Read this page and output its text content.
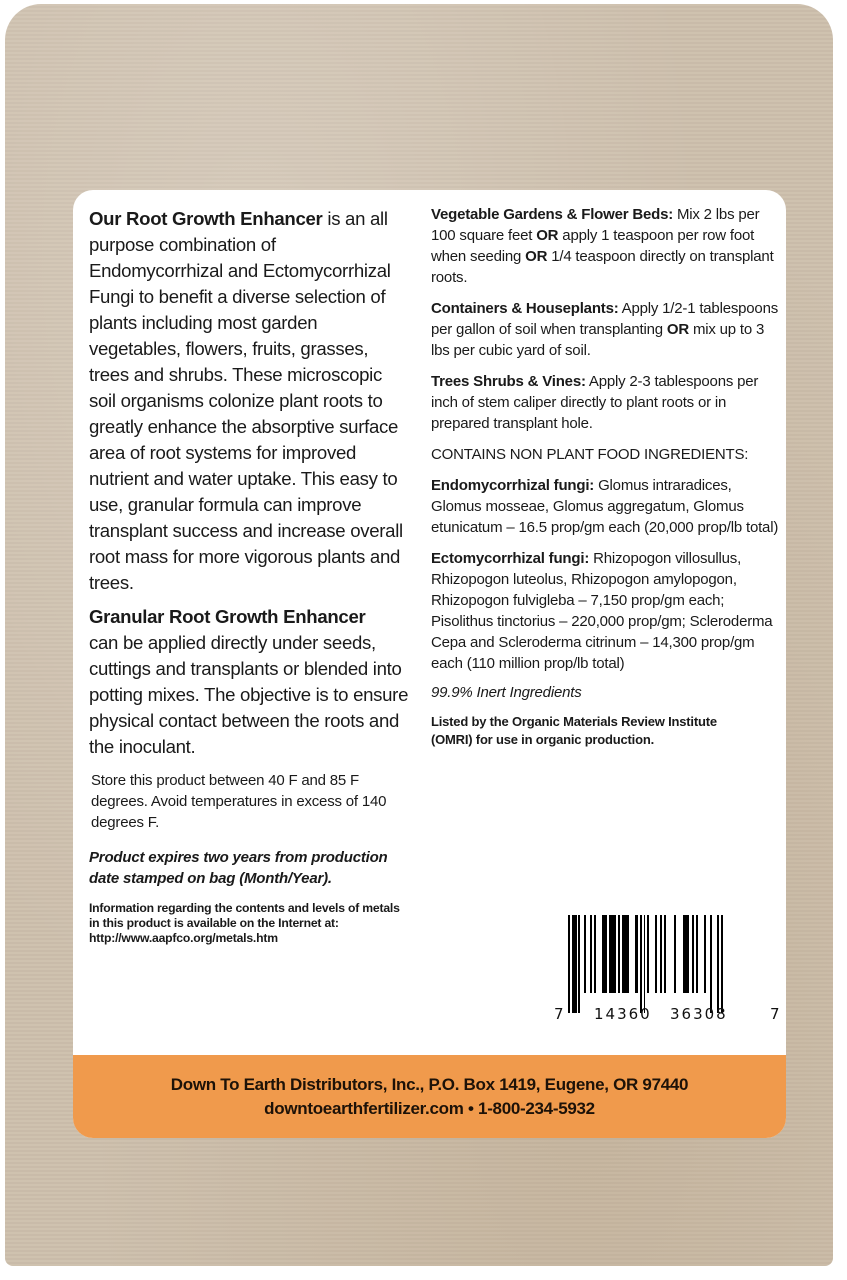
Our Root Growth Enhancer is an all purpose combination of Endomycorrhizal and Ectomycorrhizal Fungi to benefit a diverse selection of plants including most garden vegetables, flowers, fruits, grasses, trees and shrubs. These microscopic soil organisms colonize plant roots to greatly enhance the absorptive surface area of root systems for improved nutrient and water uptake. This easy to use, granular formula can improve transplant success and increase overall root mass for more vigorous plants and trees.

Granular Root Growth Enhancer
can be applied directly under seeds, cuttings and transplants or blended into potting mixes. The objective is to ensure physical contact between the roots and the inoculant.

Store this product between 40 F and 85 F degrees. Avoid temperatures in excess of 140 degrees F.

Product expires two years from production date stamped on bag (Month/Year).

Information regarding the contents and levels of metals in this product is available on the Internet at: http://www.aapfco.org/metals.htm

Vegetable Gardens & Flower Beds: Mix 2 lbs per 100 square feet OR apply 1 teaspoon per row foot when seeding OR 1/4 teaspoon directly on transplant roots.

Containers & Houseplants: Apply 1/2-1 tablespoons per gallon of soil when transplanting OR mix up to 3 lbs per cubic yard of soil.

Trees Shrubs & Vines: Apply 2-3 tablespoons per inch of stem caliper directly to plant roots or in prepared transplant hole.

CONTAINS NON PLANT FOOD INGREDIENTS:

Endomycorrhizal fungi: Glomus intraradices, Glomus mosseae, Glomus aggregatum, Glomus etunicatum – 16.5 prop/gm each (20,000 prop/lb total)

Ectomycorrhizal fungi: Rhizopogon villosullus, Rhizopogon luteolus, Rhizopogon amylopogon, Rhizopogon fulvigleba – 7,150 prop/gm each; Pisolithus tinctorius – 220,000 prop/gm; Scleroderma Cepa and Scleroderma citrinum – 14,300 prop/gm each (110 million prop/lb total)

99.9% Inert Ingredients

Listed by the Organic Materials Review Institute (OMRI) for use in organic production.

7 14360 36308	7
Down To Earth Distributors, Inc., P.O. Box 1419, Eugene, OR 97440
downtoearthfertilizer.com • 1-800-234-5932
